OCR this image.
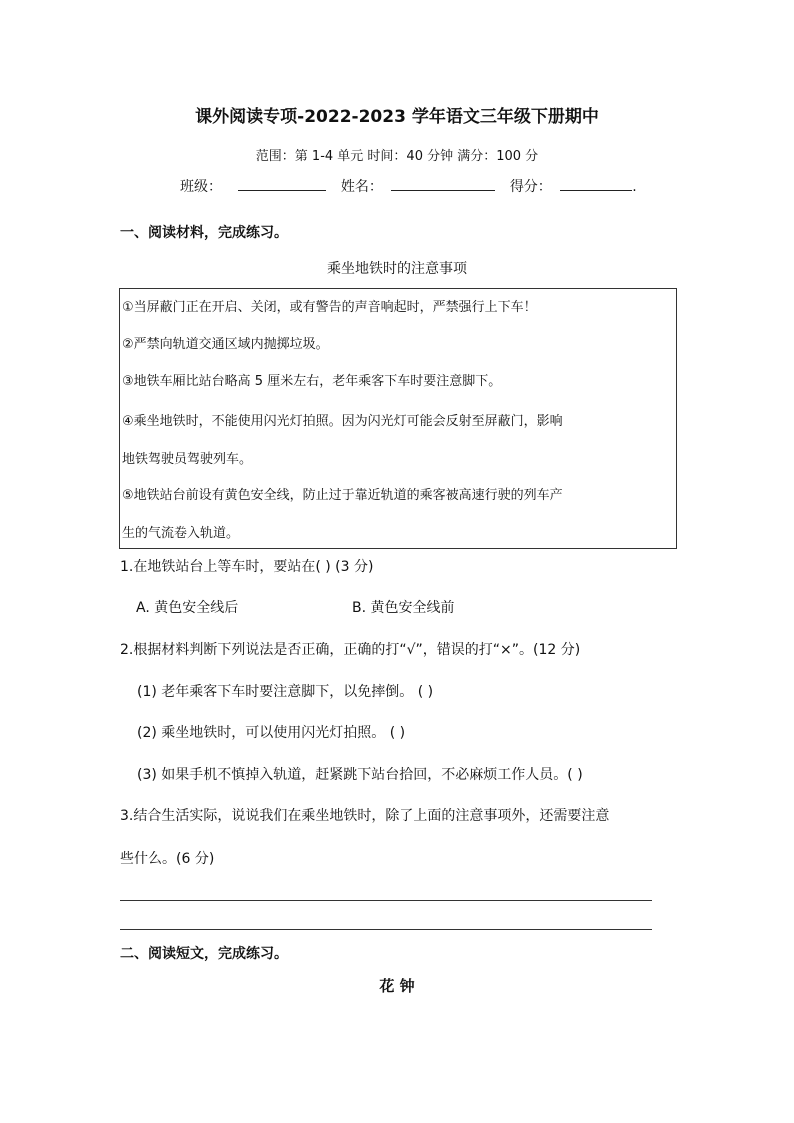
课外阅读专项-2022-2023 学年语文三年级下册期中
范围：第 1-4 单元 时间：40 分钟 满分：100 分
班级：	姓名：	得分：	.
一、阅读材料，完成练习。
乘坐地铁时的注意事项
①当屏蔽门正在开启、关闭，或有警告的声音响起时，严禁强行上下车！
②严禁向轨道交通区域内抛掷垃圾。
③地铁车厢比站台略高 5 厘米左右，老年乘客下车时要注意脚下。
④乘坐地铁时，不能使用闪光灯拍照。因为闪光灯可能会反射至屏蔽门，影响
地铁驾驶员驾驶列车。
⑤地铁站台前设有黄色安全线，防止过于靠近轨道的乘客被高速行驶的列车产
生的气流卷入轨道。
1.在地铁站台上等车时，要站在( ) (3 分)
A. 黄色安全线后	B. 黄色安全线前
2.根据材料判断下列说法是否正确，正确的打“√”，错误的打“×”。(12 分)
(1) 老年乘客下车时要注意脚下，以免摔倒。 ( )
(2) 乘坐地铁时，可以使用闪光灯拍照。 ( )
(3) 如果手机不慎掉入轨道，赶紧跳下站台拾回，不必麻烦工作人员。( )
3.结合生活实际，说说我们在乘坐地铁时，除了上面的注意事项外，还需要注意
些什么。(6 分)
二、阅读短文，完成练习。
花 钟
